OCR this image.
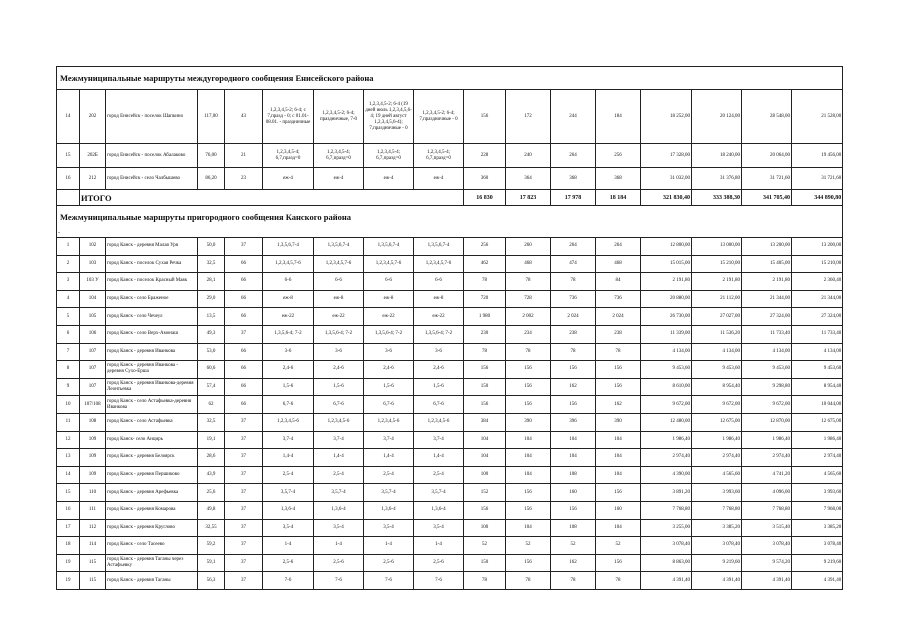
Межмуниципальные маршруты междугородного сообщения Енисейского района																
14	202	город Енисейск - поселок Шапкино	117,00	43	1,2,3,4,5-2; 6-4; с 7,празд - 0; с 01.01-08.01. - праздничные	1,2,3,4,5-2; 6-4; праздничные, 7-0	1,2,3,4,5-2; 6-4 (19 дней июль 1,2,3,4,5,6-4; 19 дней август 1,2,3,4,5,6-4); 7,праздничные - 0	1,2,3,4,5-2; 6-4; 7,праздничные - 0	156	172	244	184	18 252,00	20 124,00	28 548,00	21 528,00
15	202Б	город Енисейск - поселок Абалаково	76,00	21	1,2,3,4,5-4; 6,7,празд=0	1,2,3,4,5-4; 6,7,празд=0	1,2,3,4,5-4; 6,7,празд=0	1,2,3,4,5-4; 6,7,празд=0	228	240	264	256	17 328,00	18 240,00	20 064,00	19 456,00
16	212	город Енисейск - село Чалбышево	86,20	23	еж-4	еж-4	еж-4	еж-4	360	364	368	368	31 032,00	31 376,80	31 721,60	31 721,60
	ИТОГО								16 830	17 823	17 978	18 184	321 830,40	333 388,30	341 705,40	344 890,80
Межмуниципальные маршруты пригородного сообщения Канского района																
-																
1	102	город Канск - деревня Малая Уря	50,0	37	1,3,5,6,7-4	1,3,5,6,7-4	1,3,5,6,7-4	1,3,5,6,7-4	256	260	264	264	12 800,00	13 000,00	13 200,00	13 200,00
2	103	город Канск - поселок Сухая Речка	32,5	66	1,2,3,4,5,7-6	1,2,3,4,5,7-6	1,2,3,4,5,7-6	1,2,3,4,5,7-6	462	468	474	468	15 015,00	15 210,00	15 405,00	15 210,00
3	103 У	город Канск - поселок Красный Маяк	28,1	66	6-6	6-6	6-6	6-6	78	78	78	84	2 191,80	2 191,80	2 191,80	2 360,40
4	104	город Канск - село Браженое	29,0	66	еж-8	еж-8	еж-8	еж-8	720	728	736	736	20 880,00	21 112,00	21 344,00	21 344,00
5	105	город Канск - село Чечеул	13,5	66	еж-22	еж-22	еж-22	еж-22	1 980	2 002	2 024	2 024	26 730,00	27 027,00	27 324,00	27 324,00
6	106	город Канск - село Верх-Амонаш	49,3	37	1,3,5,6-4; 7-2	1,3,5,6-4; 7-2	1,3,5,6-4; 7-2	1,3,5,6-4; 7-2	230	234	238	238	11 339,00	11 536,20	11 733,40	11 733,40
7	107	город Канск - деревня Иванкова	53,0	66	3-6	3-6	3-6	3-6	78	78	78	78	4 134,00	4 134,00	4 134,00	4 134,00
8	107	город Канск - деревня Иванкова - деревня Сухо-Ерша	60,6	66	2,4-6	2,4-6	2,4-6	2,4-6	156	156	156	156	9 453,60	9 453,60	9 453,60	9 453,60
9	107	город Канск - деревня Иванкова-деревня Леонтьевка	57,4	66	1,5-6	1,5-6	1,5-6	1,5-6	150	156	162	156	8 610,00	8 954,40	9 298,80	8 954,40
10	107/108	город Канск - село Астафьевка-деревня Иванкова	62	66	6,7-6	6,7-6	6,7-6	6,7-6	156	156	156	162	9 672,00	9 672,00	9 672,00	10 044,00
11	108	город Канск - село Астафьевка	32,5	37	1,2,3,4,5-6	1,2,3,4,5-6	1,2,3,4,5-6	1,2,3,4,5-6	384	390	396	390	12 480,00	12 675,00	12 870,00	12 675,00
12	109	город Канск- село Анцирь	19,1	37	3,7-4	3,7-4	3,7-4	3,7-4	104	104	104	104	1 986,40	1 986,40	1 986,40	1 986,40
13	109	город Канск - деревня Белоярск	28,6	37	1,4-4	1,4-4	1,4-4	1,4-4	104	104	104	104	2 974,40	2 974,40	2 974,40	2 974,40
14	109	город Канск - деревня Першиково	43,9	37	2,5-4	2,5-4	2,5-4	2,5-4	100	104	108	104	4 390,00	4 565,60	4 741,20	4 565,60
15	110	город Канск - деревня Арефьевка	25,6	37	3,5,7-4	3,5,7-4	3,5,7-4	3,5,7-4	152	156	160	156	3 891,20	3 993,60	4 096,00	3 993,60
16	111	город Канск - деревня Комарова	49,8	37	1,3,6-4	1,3,6-4	1,3,6-4	1,3,6-4	156	156	156	160	7 768,80	7 768,80	7 768,80	7 968,00
17	112	город Канск - деревня Круглово	32,55	37	3,5-4	3,5-4	3,5-4	3,5-4	100	104	108	104	3 255,00	3 385,20	3 515,40	3 385,20
18	114	город Канск - село Тасеево	59,2	37	1-4	1-4	1-4	1-4	52	52	52	52	3 078,40	3 078,40	3 078,40	3 078,40
19	115	город Канск - деревня Таганы через Астафьевку	59,1	37	2,5-6	2,5-6	2,5-6	2,5-6	150	156	162	156	8 863,00	9 219,60	9 574,20	9 219,60
19	115	город Канск - деревня Таганы	56,3	37	7-6	7-6	7-6	7-6	78	78	78	78	4 391,40	4 391,40	4 391,40	4 391,40
